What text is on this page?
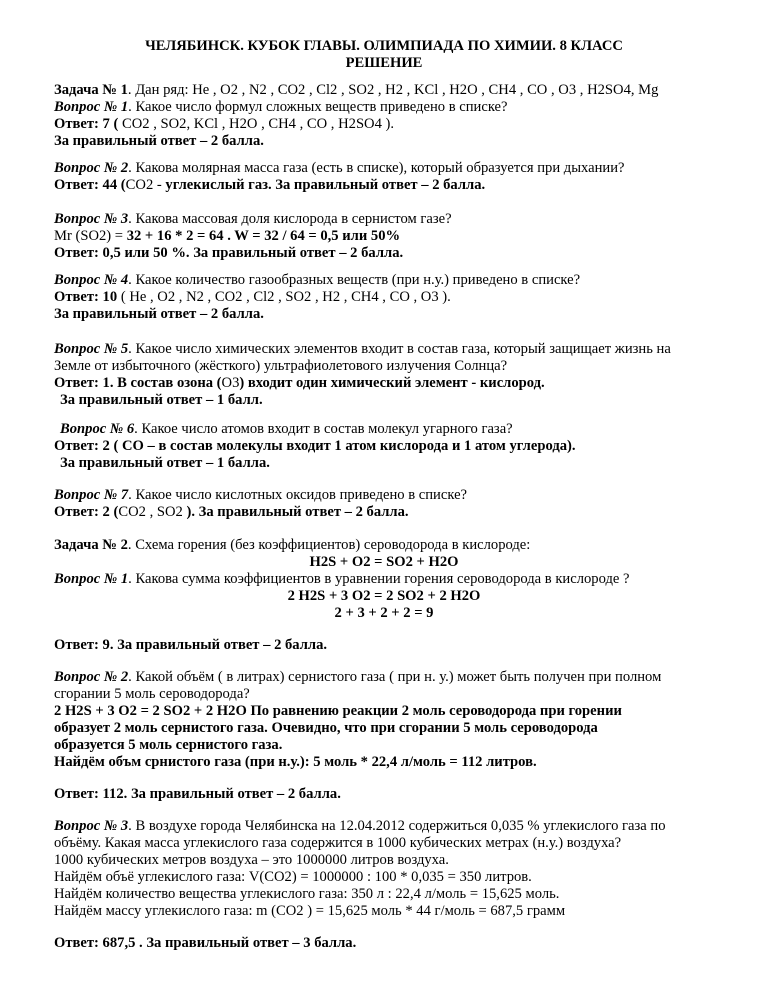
ЧЕЛЯБИНСК. КУБОК ГЛАВЫ. ОЛИМПИАДА ПО ХИМИИ. 8 КЛАСС
РЕШЕНИЕ
Задача № 1. Дан ряд: He , O2 , N2 , CO2 , Cl2 , SO2 , H2 , KCl , H2O , CH4 , CO , O3 , H2SO4, Mg
Вопрос № 1. Какое число формул сложных веществ приведено в списке?
Ответ: 7 ( CO2 , SO2, KCl , H2O , CH4 , CO , H2SO4 ).
За правильный ответ – 2 балла.
Вопрос № 2. Какова молярная масса газа (есть в списке), который образуется при дыхании?
Ответ: 44 (CO2 - углекислый газ. За правильный ответ – 2 балла.
Вопрос № 3. Какова массовая доля кислорода в сернистом газе?
Mr (SO2) = 32 + 16 * 2 = 64 . W = 32 / 64 = 0,5 или 50%
Ответ: 0,5 или 50 %. За правильный ответ – 2 балла.
Вопрос № 4. Какое количество газообразных веществ (при н.у.) приведено в списке?
Ответ: 10 ( He , O2 , N2 , CO2 , Cl2 , SO2 , H2 , CH4 , CO , O3 ).
За правильный ответ – 2 балла.
Вопрос № 5. Какое число химических элементов входит в состав газа, который защищает жизнь на
Земле от избыточного (жёсткого) ультрафиолетового излучения Солнца?
Ответ: 1. В состав озона (O3) входит один химический элемент - кислород.
За правильный ответ – 1 балл.
Вопрос № 6. Какое число атомов входит в состав молекул угарного газа?
Ответ: 2 ( CO – в состав молекулы входит 1 атом кислорода и 1 атом углерода).
За правильный ответ – 1 балла.
Вопрос № 7. Какое число кислотных оксидов приведено в списке?
Ответ: 2 (CO2 , SO2 ). За правильный ответ – 2 балла.
Задача № 2. Схема горения (без коэффициентов) сероводорода в кислороде:
H2S + O2 = SO2 + H2O
Вопрос № 1. Какова сумма коэффициентов в уравнении горения сероводорода в кислороде ?
2 H2S + 3 O2 = 2 SO2 + 2 H2O
2 + 3 + 2 + 2 = 9
Ответ: 9. За правильный ответ – 2 балла.
Вопрос № 2. Какой объём ( в литрах) сернистого газа ( при н. у.) может быть получен при полном
сгорании 5 моль сероводорода?
2 H2S + 3 O2 = 2 SO2 + 2 H2O По равнению реакции 2 моль сероводорода при горении
образует 2 моль сернистого газа. Очевидно, что при сгорании 5 моль сероводорода
образуется 5 моль сернистого газа.
Найдём объм срнистого газа (при н.у.): 5 моль * 22,4 л/моль = 112 литров.
Ответ: 112. За правильный ответ – 2 балла.
Вопрос № 3. В воздухе города Челябинска на 12.04.2012 содержиться 0,035 % углекислого газа по
объёму. Какая масса углекислого газа содержится в 1000 кубических метрах (н.у.) воздуха?
1000 кубических метров воздуха – это 1000000 литров воздуха.
Найдём объё углекислого газа: V(CO2) = 1000000 : 100 * 0,035 = 350 литров.
Найдём количество вещества углекислого газа: 350 л : 22,4 л/моль = 15,625 моль.
Найдём массу углекислого газа: m (CO2 ) = 15,625 моль * 44 г/моль = 687,5 грамм
Ответ: 687,5 . За правильный ответ – 3 балла.
